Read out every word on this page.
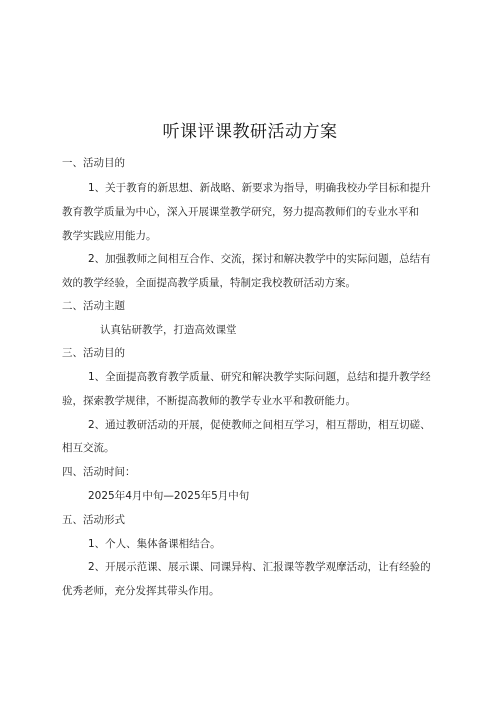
听课评课教研活动方案
一、活动目的
1、关于教育的新思想、新战略、新要求为指导，明确我校办学目标和提升
教育教学质量为中心，深入开展课堂教学研究，努力提高教师们的专业水平和
教学实践应用能力。
2、加强教师之间相互合作、交流，探讨和解决教学中的实际问题，总结有
效的教学经验，全面提高教学质量，特制定我校教研活动方案。
二、活动主题
认真钻研教学，打造高效课堂
三、活动目的
1、全面提高教育教学质量、研究和解决教学实际问题，总结和提升教学经
验，探索教学规律，不断提高教师的教学专业水平和教研能力。
2、通过教研活动的开展，促使教师之间相互学习，相互帮助，相互切磋、
相互交流。
四、活动时间：
2025年4月中旬—2025年5月中旬
五、活动形式
1、个人、集体备课相结合。
2、开展示范课、展示课、同课异构、汇报课等教学观摩活动，让有经验的
优秀老师，充分发挥其带头作用。
